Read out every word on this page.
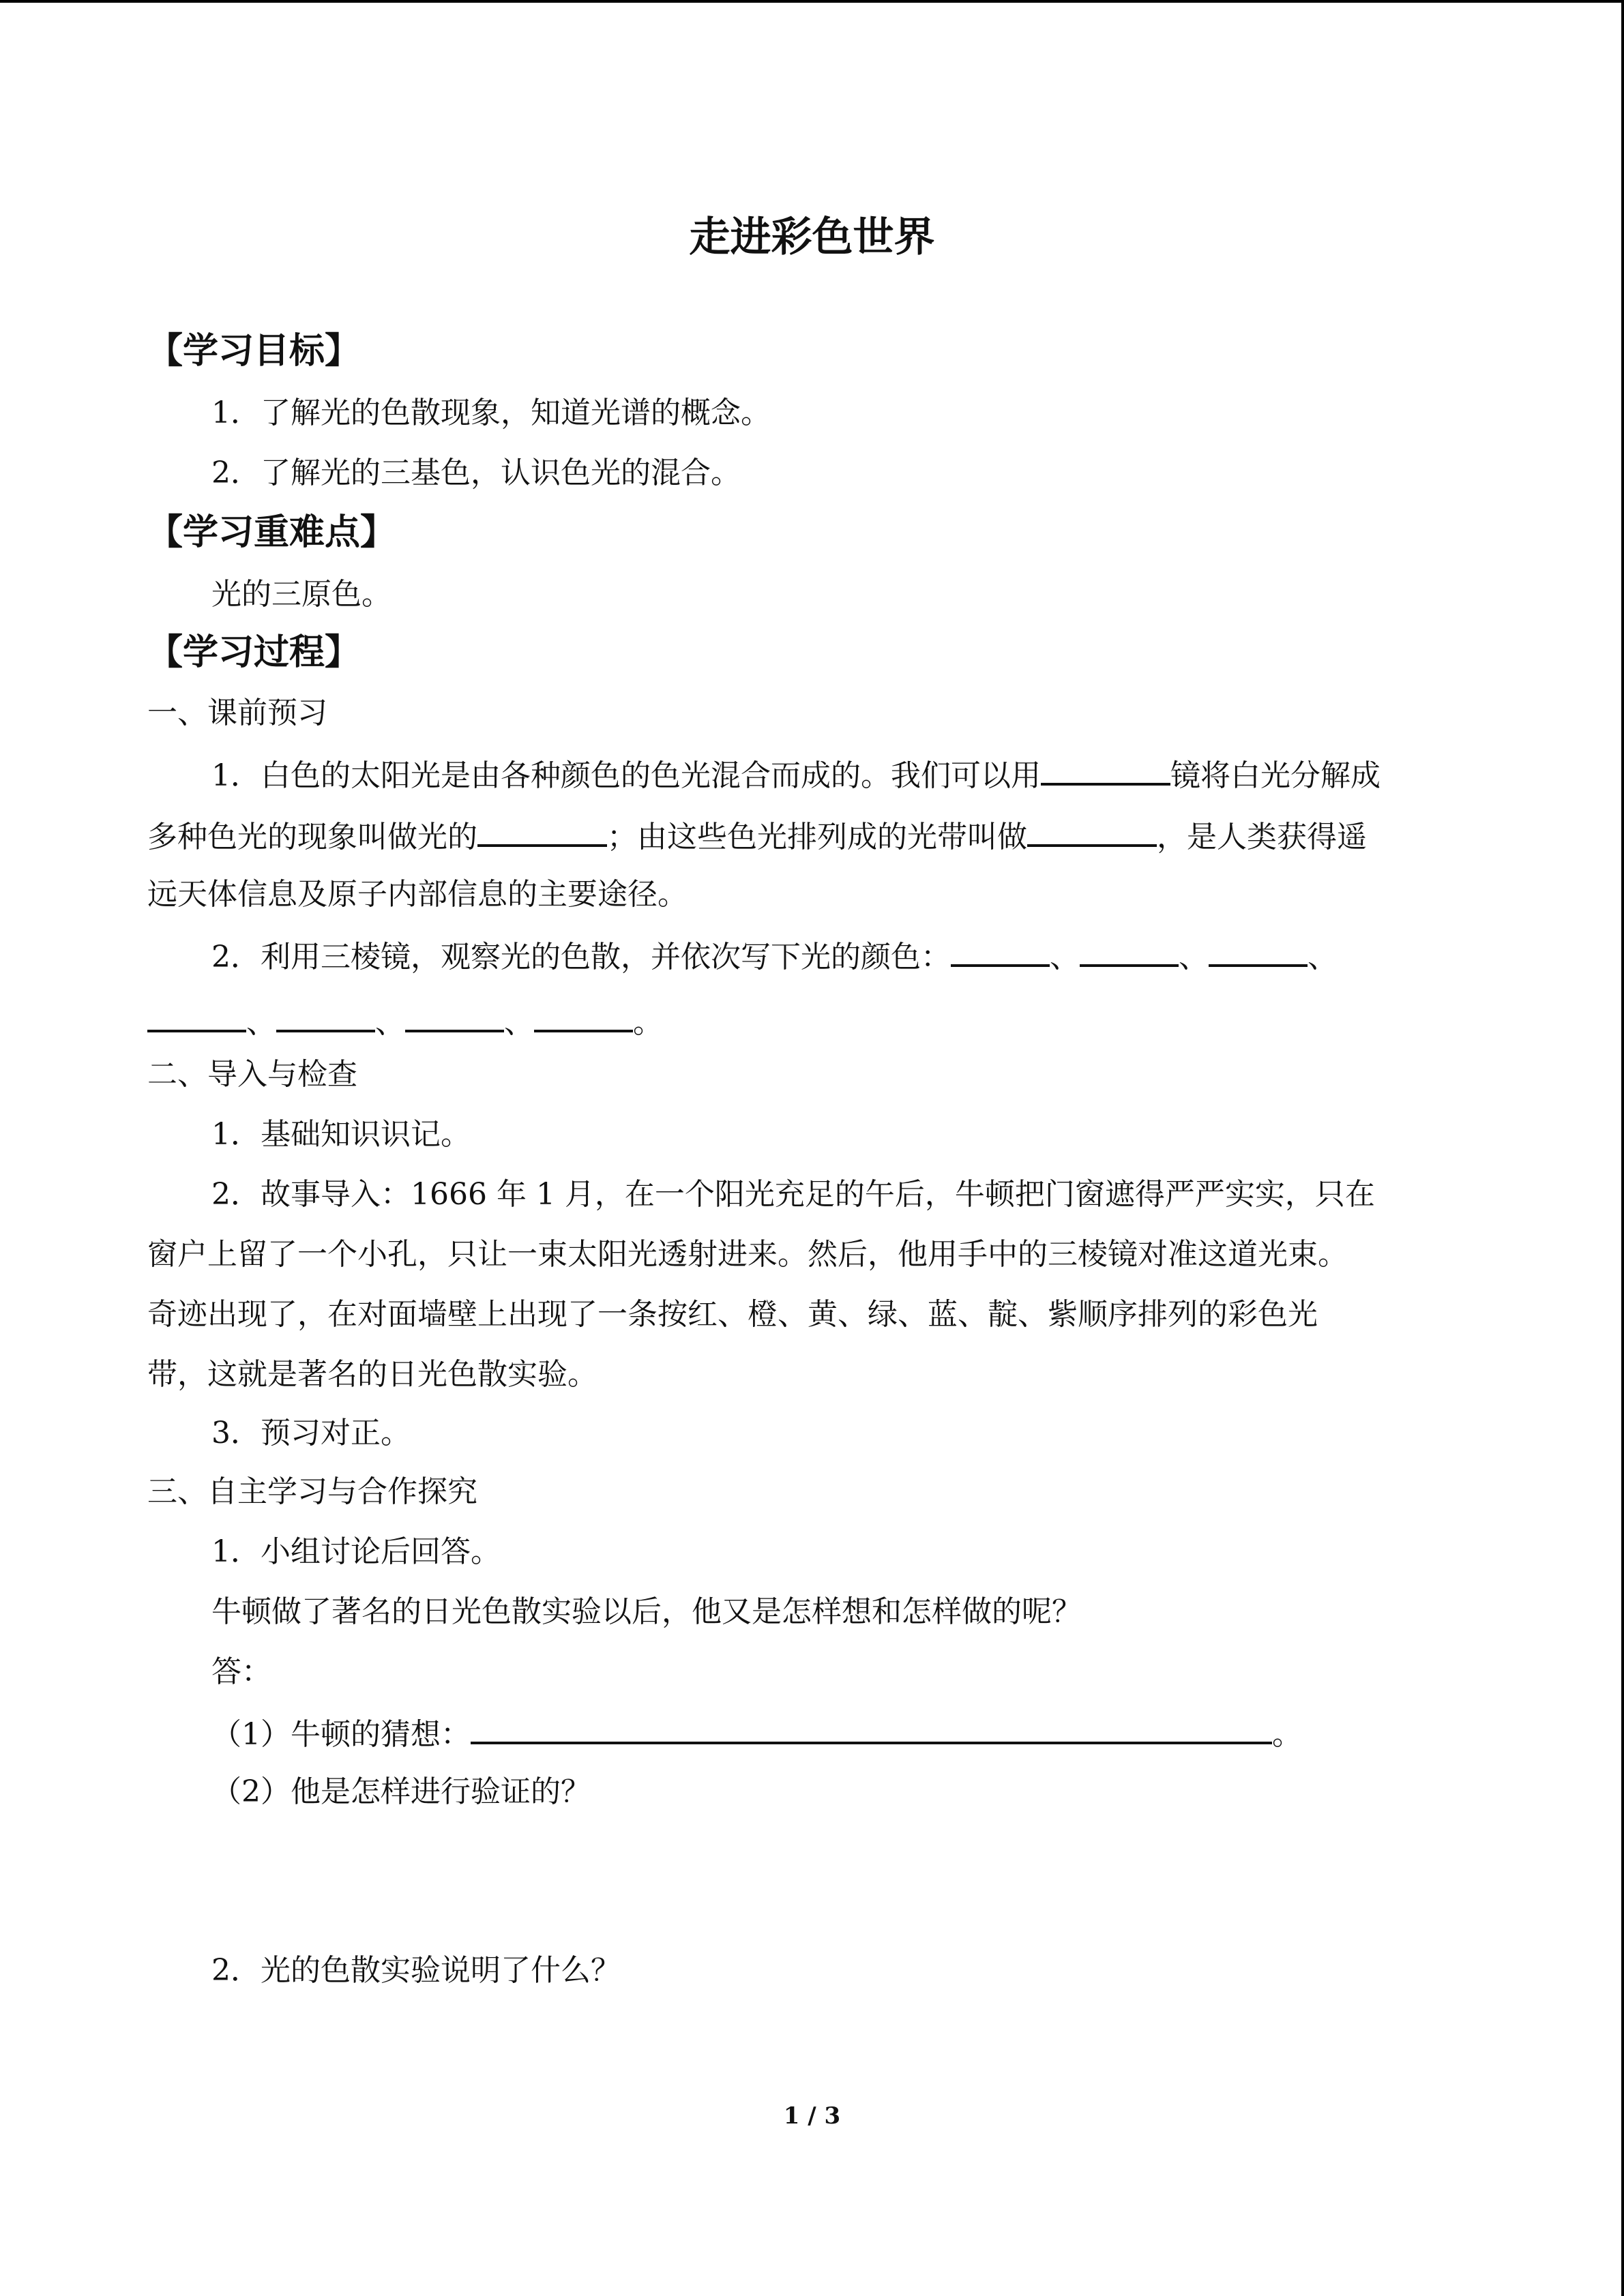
走进彩色世界
【学习目标】
1．了解光的色散现象，知道光谱的概念。
2．了解光的三基色，认识色光的混合。
【学习重难点】
光的三原色。
【学习过程】
一、课前预习
1．白色的太阳光是由各种颜色的色光混合而成的。我们可以用	镜将白光分解成
多种色光的现象叫做光的	；由这些色光排列成的光带叫做	，是人类获得遥
远天体信息及原子内部信息的主要途径。
2．利用三棱镜，观察光的色散，并依次写下光的颜色：	、	、	、
、	、	、	。
二、导入与检查
1．基础知识识记。
2．故事导入：1666 年 1 月，在一个阳光充足的午后，牛顿把门窗遮得严严实实，只在
窗户上留了一个小孔，只让一束太阳光透射进来。然后，他用手中的三棱镜对准这道光束。
奇迹出现了，在对面墙壁上出现了一条按红、橙、黄、绿、蓝、靛、紫顺序排列的彩色光
带，这就是著名的日光色散实验。
3．预习对正。
三、自主学习与合作探究
1．小组讨论后回答。
牛顿做了著名的日光色散实验以后，他又是怎样想和怎样做的呢？
答：
（1）牛顿的猜想：	。
（2）他是怎样进行验证的？
2．光的色散实验说明了什么？
1 / 3
